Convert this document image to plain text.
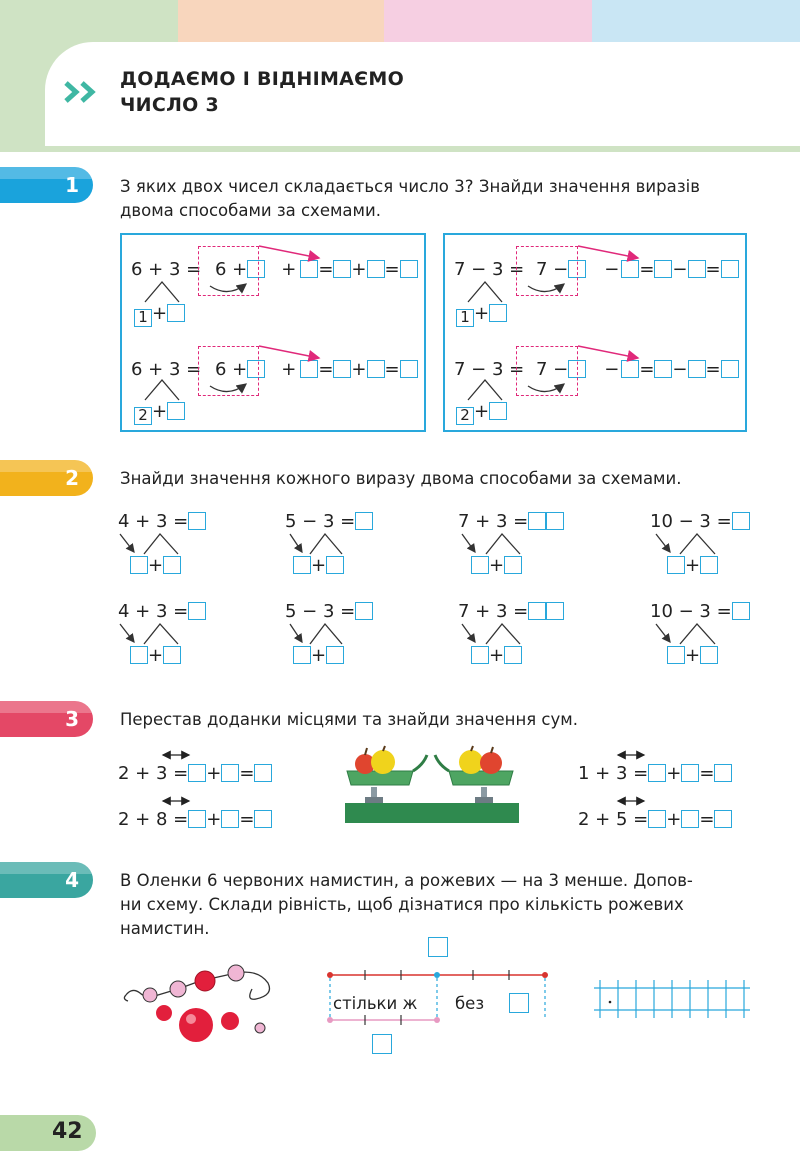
ДОДАЄМО І ВІДНІМАЄМО
ЧИСЛО 3
1 З яких двох чисел складається число 3? Знайди значення виразів
двома способами за схемами.
6 + 3 = 6 + + = + =
1 +
6 + 3 = 6 + + = + =
2 +
7 − 3 = 7 − − = − =
1 +
7 − 3 = 7 − − = − =
2 +
2 Знайди значення кожного виразу двома способами за схемами.
4 + 3 =	5 − 3 =	7 + 3 =	10 − 3 =
+	+	+	+
4 + 3 =	5 − 3 =	7 + 3 =	10 − 3 =
+	+	+	+
3 Перестав доданки місцями та знайди значення сум.
2 + 3 = + =
2 + 8 = + =
1 + 3 = + =
2 + 5 = + =
4 В Оленки 6 червоних намистин, а рожевих — на 3 менше. Допов-
ни схему. Склади рівність, щоб дізнатися про кількість рожевих
намистин.
стільки ж без
42
